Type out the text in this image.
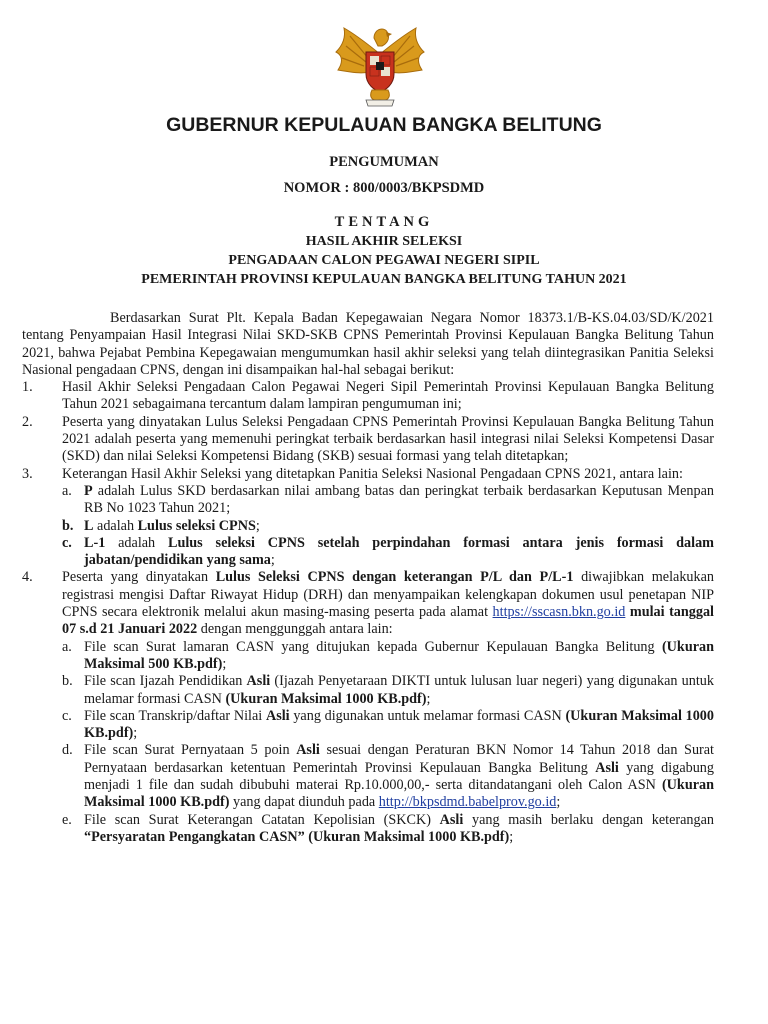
GUBERNUR KEPULAUAN BANGKA BELITUNG
PENGUMUMAN
NOMOR : 800/0003/BKPSDMD
TENTANG
HASIL AKHIR SELEKSI
PENGADAAN CALON PEGAWAI NEGERI SIPIL
PEMERINTAH PROVINSI KEPULAUAN BANGKA BELITUNG TAHUN 2021

Berdasarkan Surat Plt. Kepala Badan Kepegawaian Negara Nomor 18373.1/B-KS.04.03/SD/K/2021 tentang Penyampaian Hasil Integrasi Nilai SKD-SKB CPNS Pemerintah Provinsi Kepulauan Bangka Belitung Tahun 2021, bahwa Pejabat Pembina Kepegawaian mengumumkan hasil akhir seleksi yang telah diintegrasikan Panitia Seleksi Nasional pengadaan CPNS, dengan ini disampaikan hal-hal sebagai berikut:

1.	Hasil Akhir Seleksi Pengadaan Calon Pegawai Negeri Sipil Pemerintah Provinsi Kepulauan Bangka Belitung Tahun 2021 sebagaimana tercantum dalam lampiran pengumuman ini;
2.	Peserta yang dinyatakan Lulus Seleksi Pengadaan CPNS Pemerintah Provinsi Kepulauan Bangka Belitung Tahun 2021 adalah peserta yang memenuhi peringkat terbaik berdasarkan hasil integrasi nilai Seleksi Kompetensi Dasar (SKD) dan nilai Seleksi Kompetensi Bidang (SKB) sesuai formasi yang telah ditetapkan;
3.	Keterangan Hasil Akhir Seleksi yang ditetapkan Panitia Seleksi Nasional Pengadaan CPNS 2021, antara lain:
a. P adalah Lulus SKD berdasarkan nilai ambang batas dan peringkat terbaik berdasarkan Keputusan Menpan RB No 1023 Tahun 2021;
b. L adalah Lulus seleksi CPNS;
c. L-1 adalah Lulus seleksi CPNS setelah perpindahan formasi antara jenis formasi dalam jabatan/pendidikan yang sama;
4.	Peserta yang dinyatakan Lulus Seleksi CPNS dengan keterangan P/L dan P/L-1 diwajibkan melakukan registrasi mengisi Daftar Riwayat Hidup (DRH) dan menyampaikan kelengkapan dokumen usul penetapan NIP CPNS secara elektronik melalui akun masing-masing peserta pada alamat https://sscasn.bkn.go.id mulai tanggal 07 s.d 21 Januari 2022 dengan menggunggah antara lain:
a. File scan Surat lamaran CASN yang ditujukan kepada Gubernur Kepulauan Bangka Belitung (Ukuran Maksimal 500 KB.pdf);
b. File scan Ijazah Pendidikan Asli (Ijazah Penyetaraan DIKTI untuk lulusan luar negeri) yang digunakan untuk melamar formasi CASN (Ukuran Maksimal 1000 KB.pdf);
c. File scan Transkrip/daftar Nilai Asli yang digunakan untuk melamar formasi CASN (Ukuran Maksimal 1000 KB.pdf);
d. File scan Surat Pernyataan 5 poin Asli sesuai dengan Peraturan BKN Nomor 14 Tahun 2018 dan Surat Pernyataan berdasarkan ketentuan Pemerintah Provinsi Kepulauan Bangka Belitung Asli yang digabung menjadi 1 file dan sudah dibubuhi materai Rp.10.000,00,- serta ditandatangani oleh Calon ASN (Ukuran Maksimal 1000 KB.pdf) yang dapat diunduh pada http://bkpsdmd.babelprov.go.id;
e. File scan Surat Keterangan Catatan Kepolisian (SKCK) Asli yang masih berlaku dengan keterangan “Persyaratan Pengangkatan CASN” (Ukuran Maksimal 1000 KB.pdf);
